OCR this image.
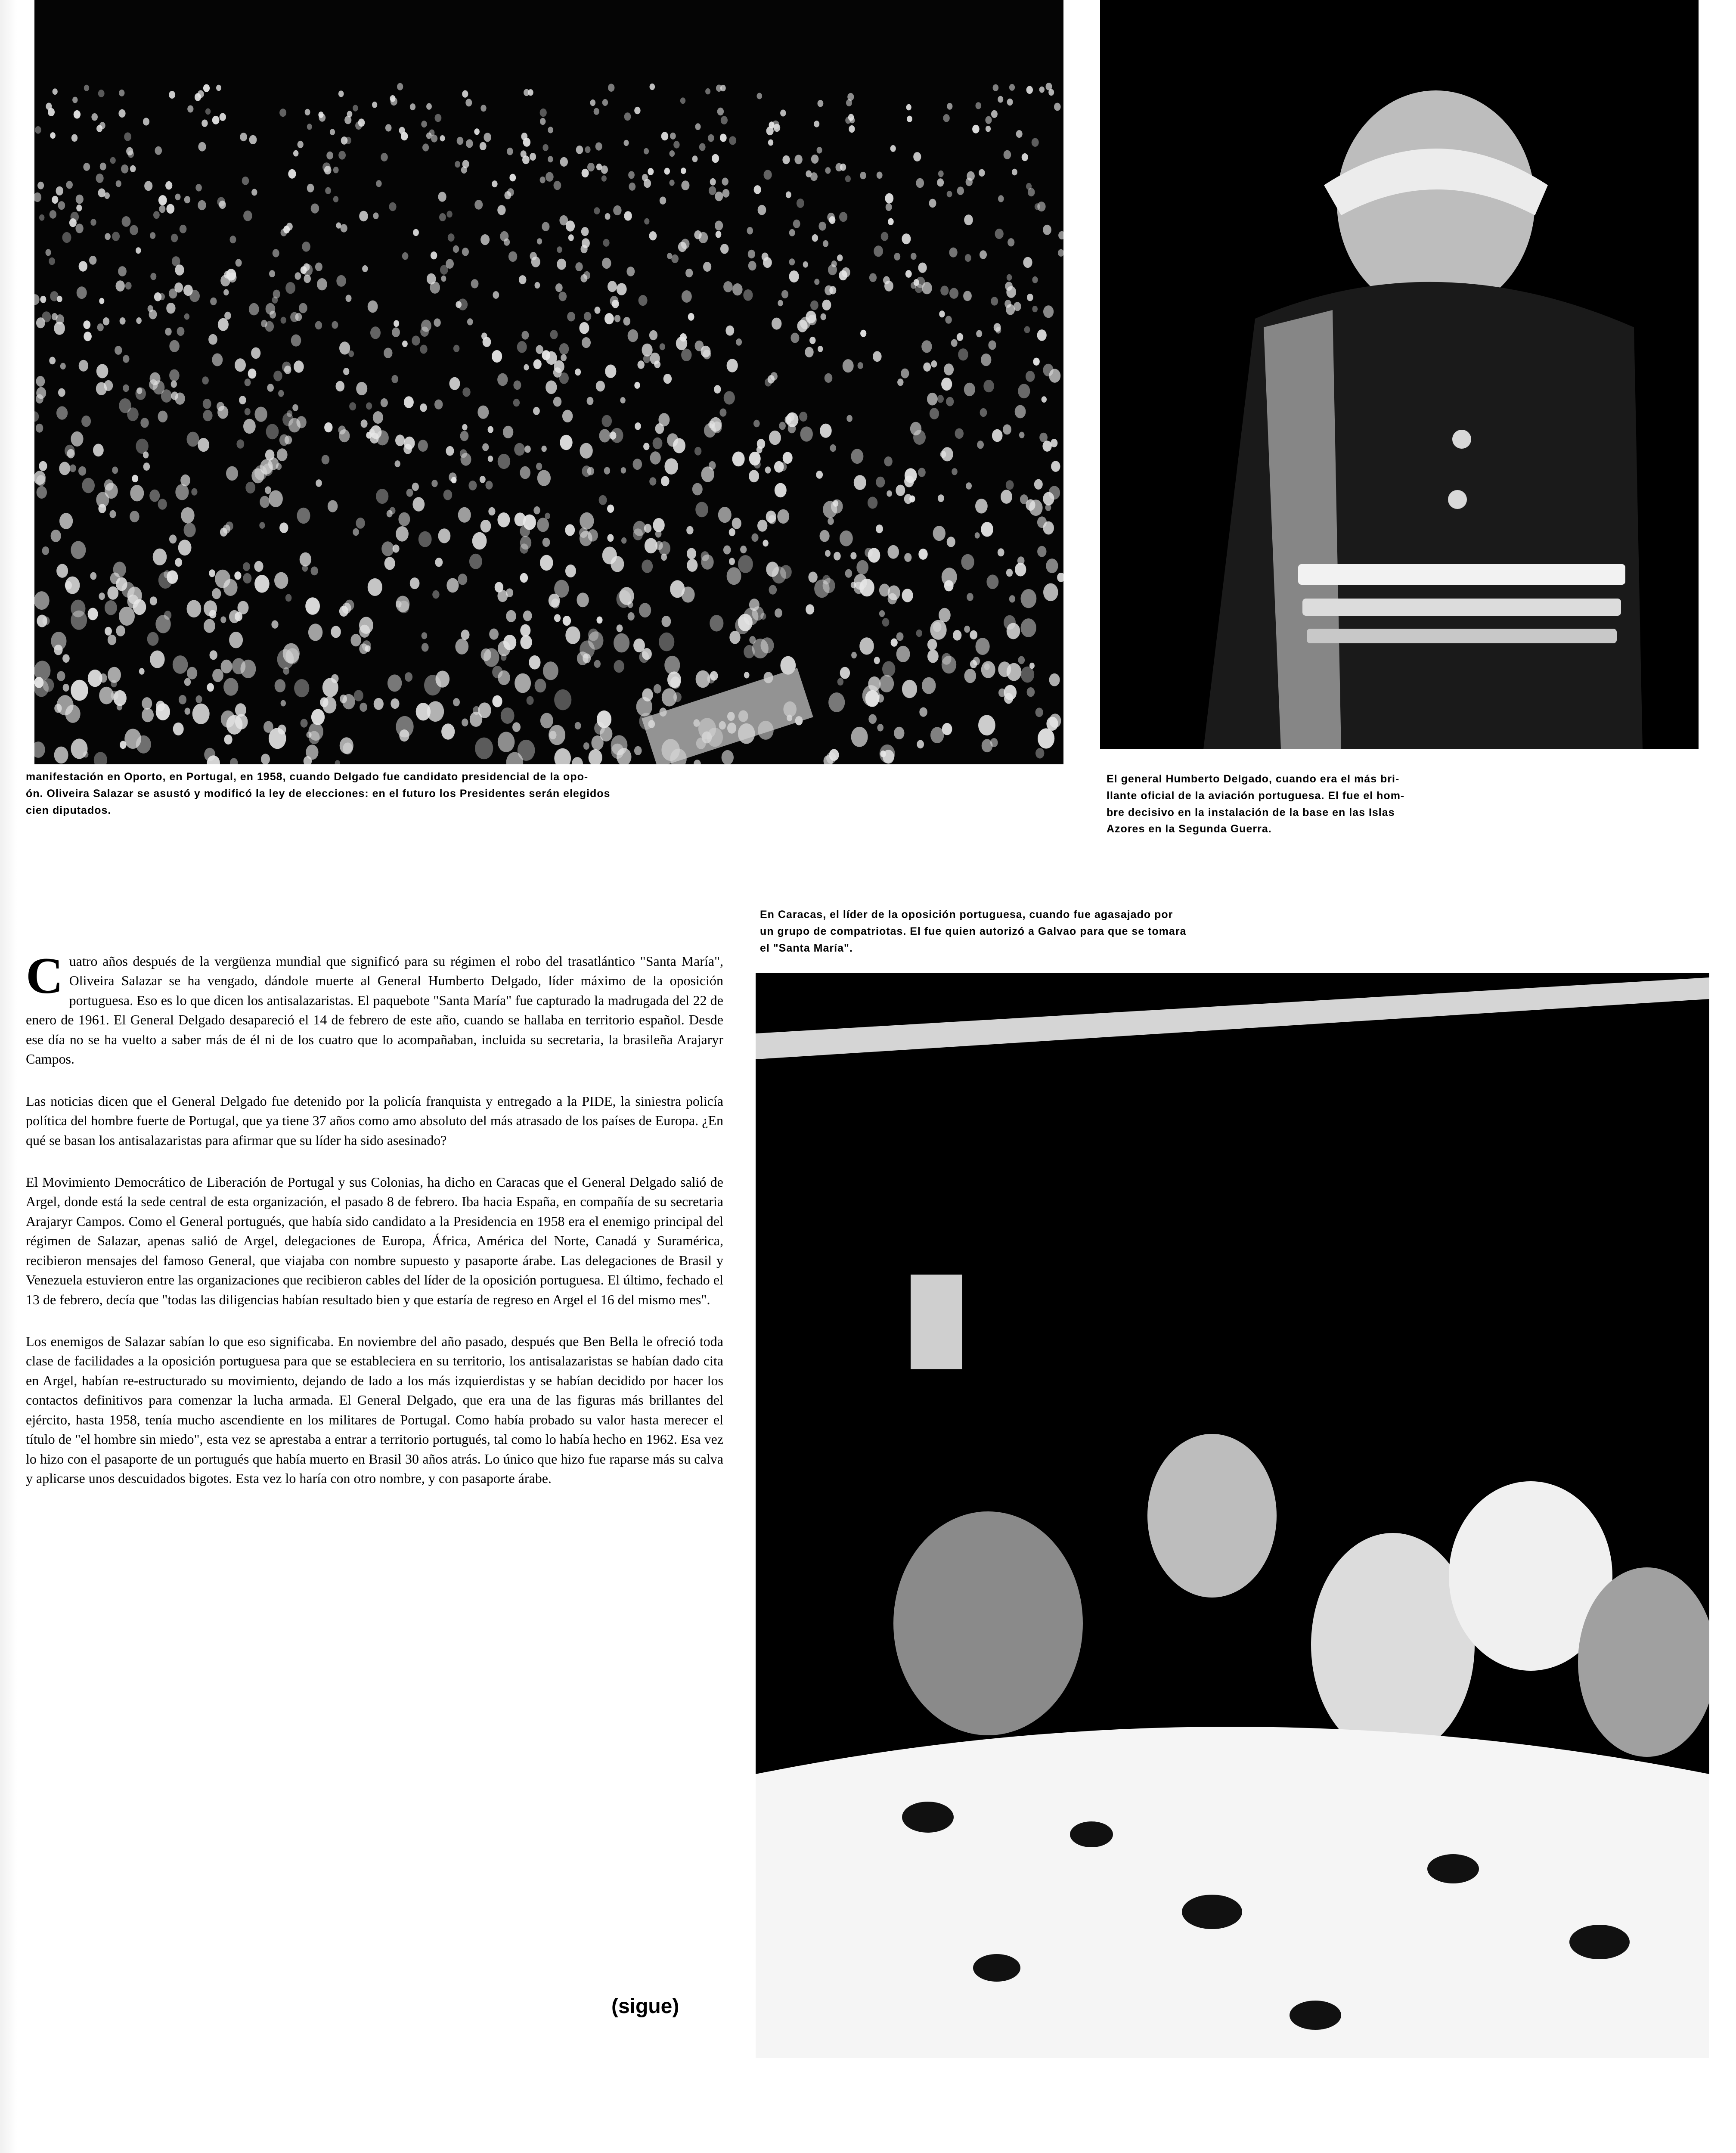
manifestación en Oporto, en Portugal, en 1958, cuando Delgado fue candidato presidencial de la opo-

ón. Oliveira Salazar se asustó y modificó la ley de elecciones: en el futuro los Presidentes serán elegidos

cien diputados.

El general Humberto Delgado, cuando era el más bri-

llante oficial de la aviación portuguesa. El fue el hom-

bre decisivo en la instalación de la base en las Islas

Azores en la Segunda Guerra.

En Caracas, el líder de la oposición portuguesa, cuando fue agasajado por

un grupo de compatriotas. El fue quien autorizó a Galvao para que se tomara

el "Santa María".

Cuatro años después de la vergüenza mundial que significó para su régimen el robo del trasatlántico "Santa María", Oliveira Salazar se ha vengado, dándole muerte al General Humberto Delgado, líder máximo de la oposición portuguesa. Eso es lo que dicen los antisalazaristas. El paquebote "Santa María" fue capturado la madrugada del 22 de enero de 1961. El General Delgado desapareció el 14 de febrero de este año, cuando se hallaba en territorio español. Desde ese día no se ha vuelto a saber más de él ni de los cuatro que lo acompañaban, incluida su secretaria, la brasileña Arajaryr Campos.

Las noticias dicen que el General Delgado fue detenido por la policía franquista y entregado a la PIDE, la siniestra policía política del hombre fuerte de Portugal, que ya tiene 37 años como amo absoluto del más atrasado de los países de Europa. ¿En qué se basan los antisalazaristas para afirmar que su líder ha sido asesinado?

El Movimiento Democrático de Liberación de Portugal y sus Colonias, ha dicho en Caracas que el General Delgado salió de Argel, donde está la sede central de esta organización, el pasado 8 de febrero. Iba hacia España, en compañía de su secretaria Arajaryr Campos. Como el General portugués, que había sido candidato a la Presidencia en 1958 era el enemigo principal del régimen de Salazar, apenas salió de Argel, delegaciones de Europa, África, América del Norte, Canadá y Suramérica, recibieron mensajes del famoso General, que viajaba con nombre supuesto y pasaporte árabe. Las delegaciones de Brasil y Venezuela estuvieron entre las organizaciones que recibieron cables del líder de la oposición portuguesa. El último, fechado el 13 de febrero, decía que "todas las diligencias habían resultado bien y que estaría de regreso en Argel el 16 del mismo mes".

Los enemigos de Salazar sabían lo que eso significaba. En noviembre del año pasado, después que Ben Bella le ofreció toda clase de facilidades a la oposición portuguesa para que se estableciera en su territorio, los antisalazaristas se habían dado cita en Argel, habían re-estructurado su movimiento, dejando de lado a los más izquierdistas y se habían decidido por hacer los contactos definitivos para comenzar la lucha armada. El General Delgado, que era una de las figuras más brillantes del ejército, hasta 1958, tenía mucho ascendiente en los militares de Portugal. Como había probado su valor hasta merecer el título de "el hombre sin miedo", esta vez se aprestaba a entrar a territorio portugués, tal como lo había hecho en 1962. Esa vez lo hizo con el pasaporte de un portugués que había muerto en Brasil 30 años atrás. Lo único que hizo fue raparse más su calva y aplicarse unos descuidados bigotes. Esta vez lo haría con otro nombre, y con pasaporte árabe.

(sigue)
